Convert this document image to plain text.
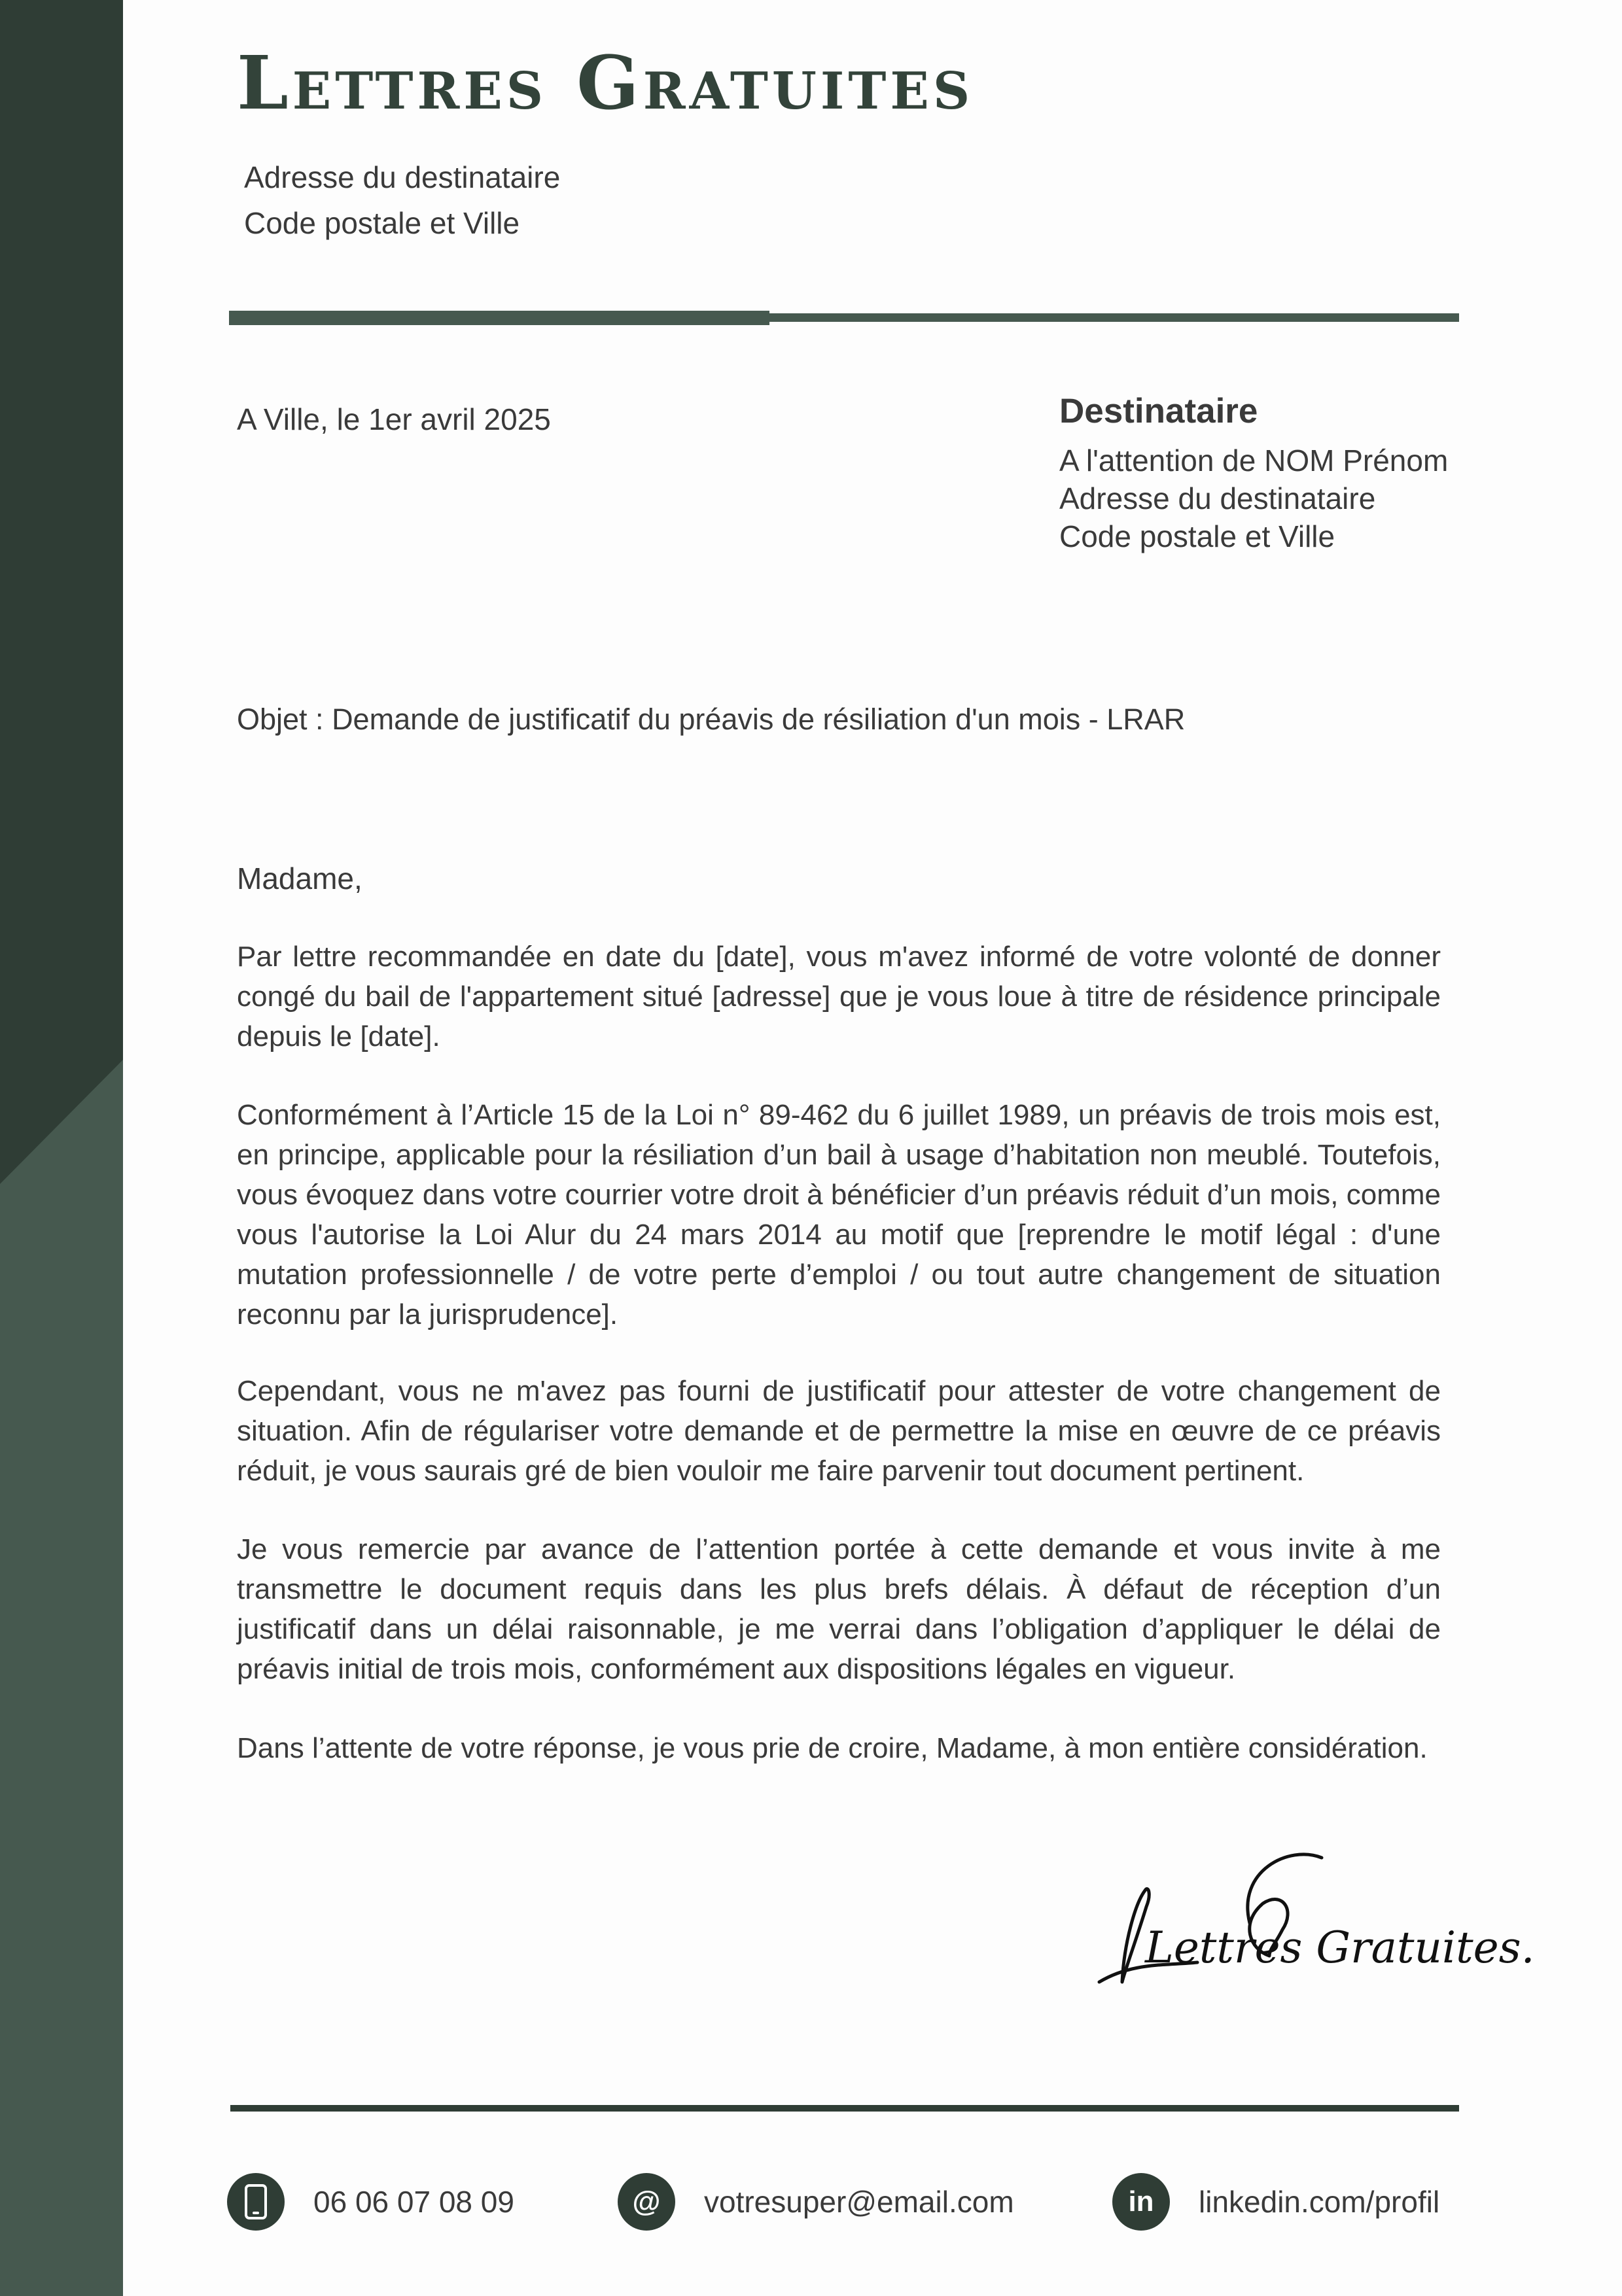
Lettres Gratuites
Adresse du destinataire
Code postale et Ville
A Ville, le 1er avril 2025	Destinataire
A l'attention de NOM Prénom
Adresse du destinataire
Code postale et Ville
Objet : Demande de justificatif du préavis de résiliation d'un mois - LRAR
Madame,

Par lettre recommandée en date du [date], vous m'avez informé de votre volonté de donner congé du bail de l'appartement situé [adresse] que je vous loue à titre de résidence principale depuis le [date].

Conformément à l’Article 15 de la Loi n° 89-462 du 6 juillet 1989, un préavis de trois mois est, en principe, applicable pour la résiliation d’un bail à usage d’habitation non meublé. Toutefois, vous évoquez dans votre courrier votre droit à bénéficier d’un préavis réduit d’un mois, comme vous l'autorise la Loi Alur du 24 mars 2014 au motif que [reprendre le motif légal : d'une mutation professionnelle / de votre perte d’emploi / ou tout autre changement de situation reconnu par la jurisprudence].

Cependant, vous ne m'avez pas fourni de justificatif pour attester de votre changement de situation. Afin de régulariser votre demande et de permettre la mise en œuvre de ce préavis réduit, je vous saurais gré de bien vouloir me faire parvenir tout document pertinent.

Je vous remercie par avance de l’attention portée à cette demande et vous invite à me transmettre le document requis dans les plus brefs délais. À défaut de réception d’un justificatif dans un délai raisonnable, je me verrai dans l’obligation d’appliquer le délai de préavis initial de trois mois, conformément aux dispositions légales en vigueur.

Dans l’attente de votre réponse, je vous prie de croire, Madame, à mon entière considération.
Lettres Gratuites.
06 06 07 08 09	@	votresuper@email.com	in	linkedin.com/profil
